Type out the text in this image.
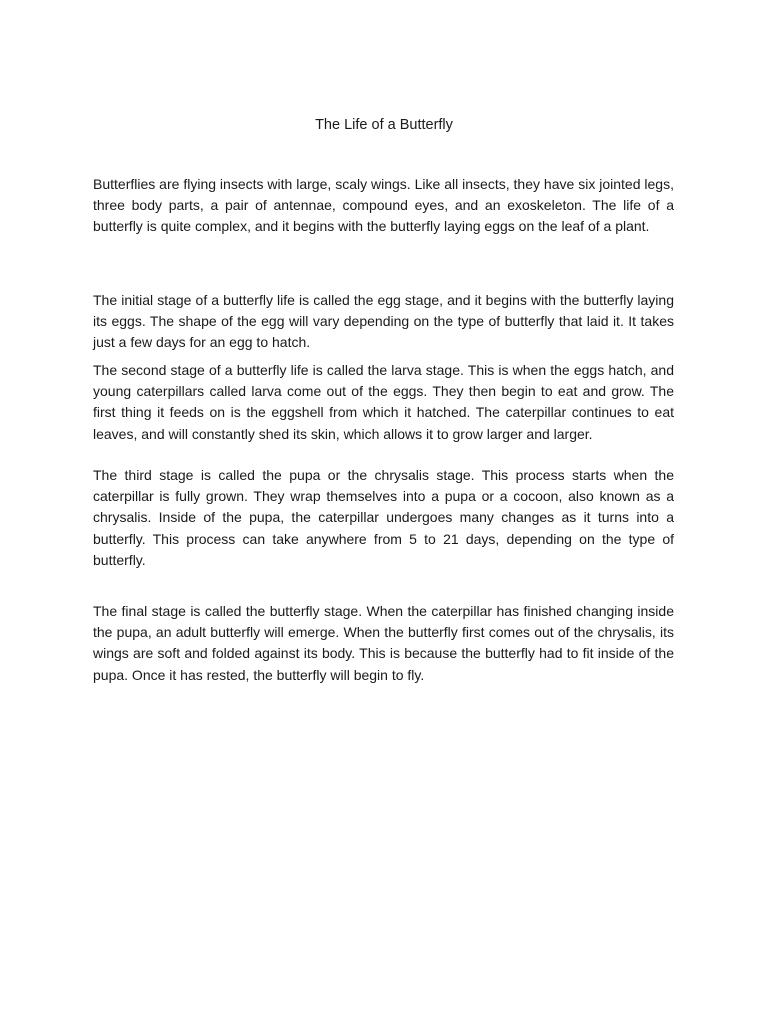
The Life of a Butterfly

Butterflies are flying insects with large, scaly wings. Like all insects, they have six jointed legs, three body parts, a pair of antennae, compound eyes, and an exoskeleton. The life of a butterfly is quite complex, and it begins with the butterfly laying eggs on the leaf of a plant.

The initial stage of a butterfly life is called the egg stage, and it begins with the butterfly laying its eggs. The shape of the egg will vary depending on the type of butterfly that laid it. It takes just a few days for an egg to hatch.

The second stage of a butterfly life is called the larva stage. This is when the eggs hatch, and young caterpillars called larva come out of the eggs. They then begin to eat and grow. The first thing it feeds on is the eggshell from which it hatched. The caterpillar continues to eat leaves, and will constantly shed its skin, which allows it to grow larger and larger.

The third stage is called the pupa or the chrysalis stage. This process starts when the caterpillar is fully grown. They wrap themselves into a pupa or a cocoon, also known as a chrysalis. Inside of the pupa, the caterpillar undergoes many changes as it turns into a butterfly. This process can take anywhere from 5 to 21 days, depending on the type of butterfly.

The final stage is called the butterfly stage. When the caterpillar has finished changing inside the pupa, an adult butterfly will emerge. When the butterfly first comes out of the chrysalis, its wings are soft and folded against its body. This is because the butterfly had to fit inside of the pupa. Once it has rested, the butterfly will begin to fly.
